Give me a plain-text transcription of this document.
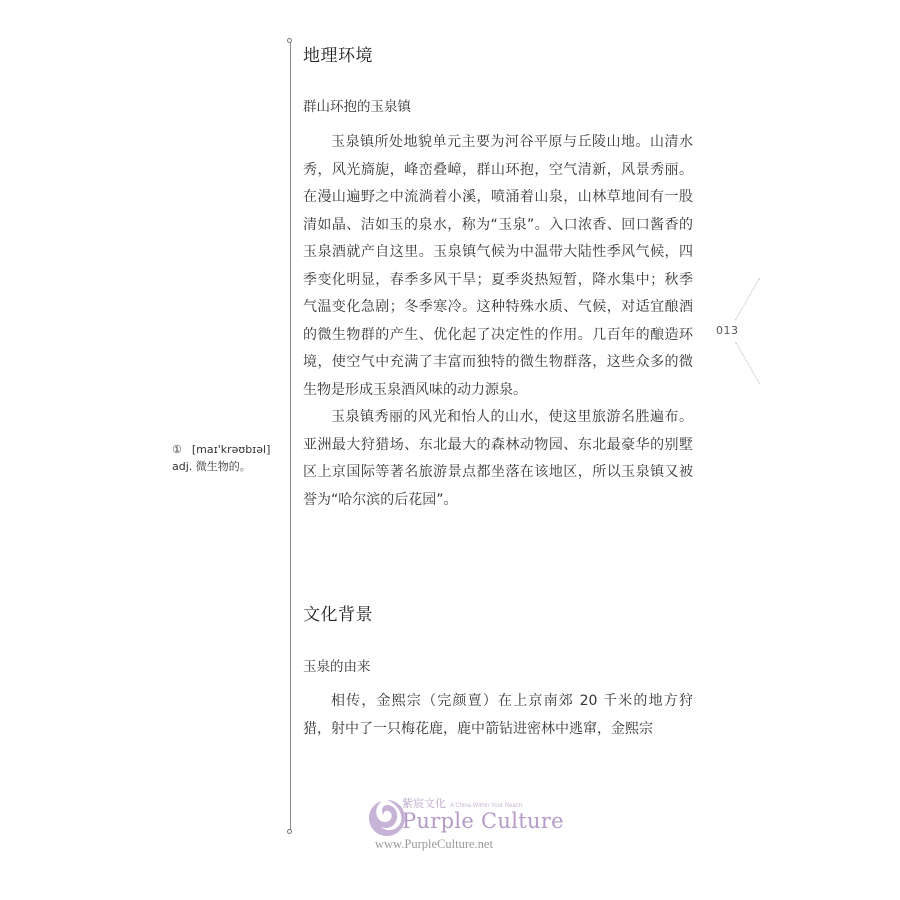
地理环境
群山环抱的玉泉镇

玉泉镇所处地貌单元主要为河谷平原与丘陵山地。山清水秀，风光旖旎，峰峦叠嶂，群山环抱，空气清新，风景秀丽。在漫山遍野之中流淌着小溪，喷涌着山泉，山林草地间有一股清如晶、洁如玉的泉水，称为“玉泉”。入口浓香、回口酱香的玉泉酒就产自这里。玉泉镇气候为中温带大陆性季风气候，四季变化明显，春季多风干旱；夏季炎热短暂，降水集中；秋季气温变化急剧；冬季寒冷。这种特殊水质、气候，对适宜酿酒的微生物群的产生、优化起了决定性的作用。几百年的酿造环境，使空气中充满了丰富而独特的微生物群落，这些众多的微生物是形成玉泉酒风味的动力源泉。

玉泉镇秀丽的风光和怡人的山水，使这里旅游名胜遍布。亚洲最大狩猎场、东北最大的森林动物园、东北最豪华的别墅区上京国际等著名旅游景点都坐落在该地区，所以玉泉镇又被誉为“哈尔滨的后花园”。

① [maɪ'krəʊbɪəl]
adj. 微生物的。
013
文化背景
玉泉的由来

相传，金熙宗（完颜亶）在上京南郊 20 千米的地方狩猎，射中了一只梅花鹿，鹿中箭钻进密林中逃窜，金熙宗

紫宸文化 A China Within Your Reach
Purple Culture
www.PurpleCulture.net
